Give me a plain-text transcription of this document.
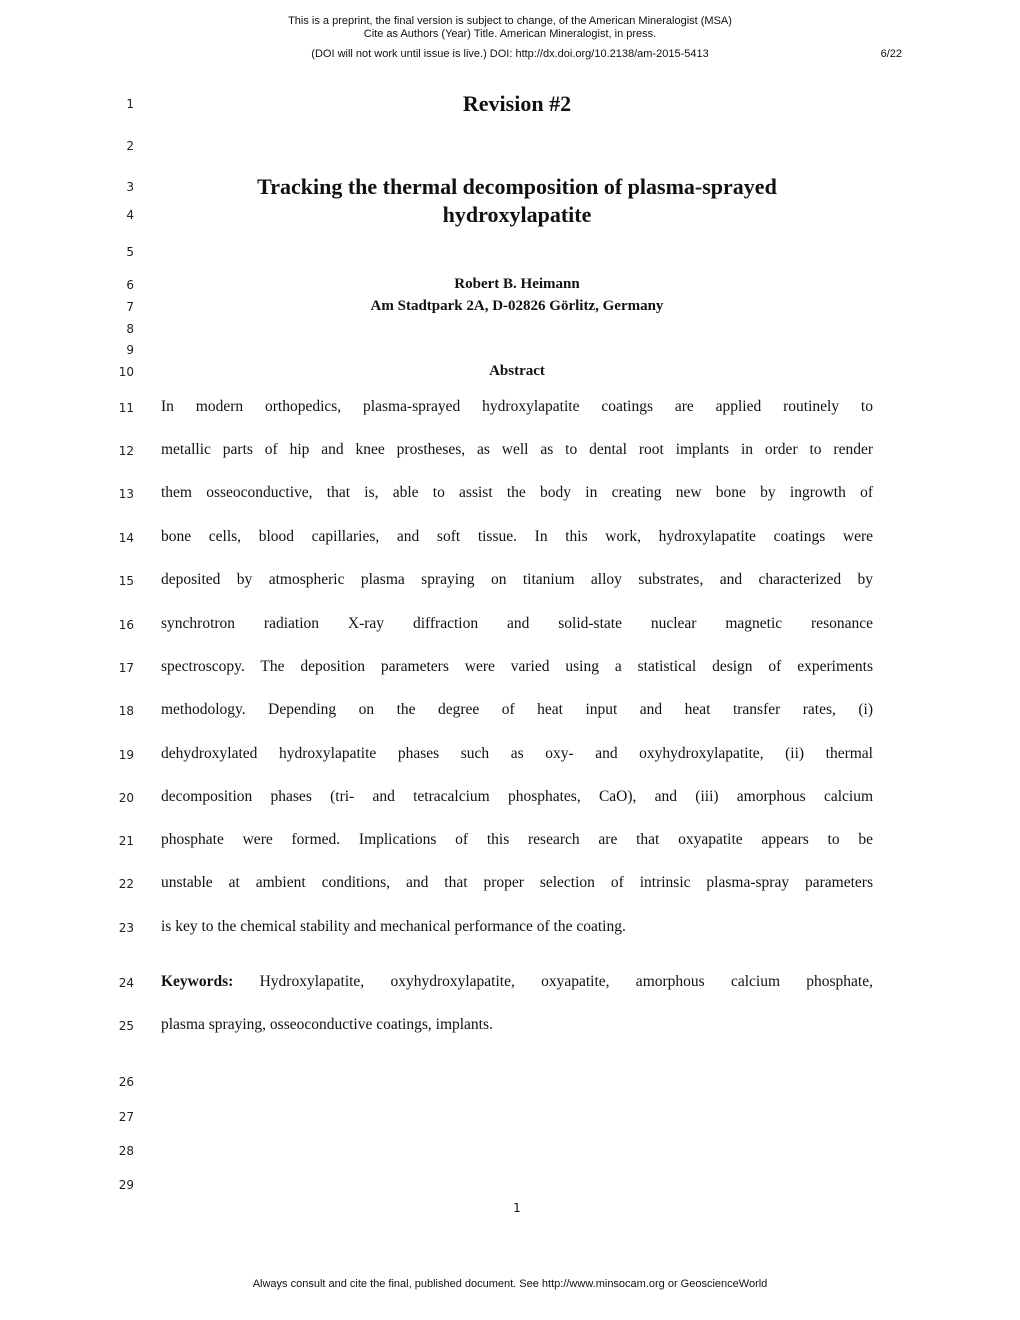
This is a preprint, the final version is subject to change, of the American Mineralogist (MSA)
Cite as Authors (Year) Title. American Mineralogist, in press.
(DOI will not work until issue is live.) DOI: http://dx.doi.org/10.2138/am-2015-5413	6/22
1
2
3
4
5
6
7
8
9
10
11
12
13
14
15
16
17
18
19
20
21
22
23
24
25
26
27
28
29
Revision #2
Tracking the thermal decomposition of plasma-sprayed
hydroxylapatite
Robert B. Heimann
Am Stadtpark 2A, D-02826 Görlitz, Germany
Abstract
In modern orthopedics, plasma-sprayed hydroxylapatite coatings are applied routinely to
metallic parts of hip and knee prostheses, as well as to dental root implants in order to render
them osseoconductive, that is, able to assist the body in creating new bone by ingrowth of
bone cells, blood capillaries, and soft tissue. In this work, hydroxylapatite coatings were
deposited by atmospheric plasma spraying on titanium alloy substrates, and characterized by
synchrotron radiation X-ray diffraction and solid-state nuclear magnetic resonance
spectroscopy. The deposition parameters were varied using a statistical design of experiments
methodology. Depending on the degree of heat input and heat transfer rates, (i)
dehydroxylated hydroxylapatite phases such as oxy- and oxyhydroxylapatite, (ii) thermal
decomposition phases (tri- and tetracalcium phosphates, CaO), and (iii) amorphous calcium
phosphate were formed. Implications of this research are that oxyapatite appears to be
unstable at ambient conditions, and that proper selection of intrinsic plasma-spray parameters
is key to the chemical stability and mechanical performance of the coating.
Keywords: Hydroxylapatite, oxyhydroxylapatite, oxyapatite, amorphous calcium phosphate,
plasma spraying, osseoconductive coatings, implants.
1
Always consult and cite the final, published document. See http://www.minsocam.org or GeoscienceWorld
